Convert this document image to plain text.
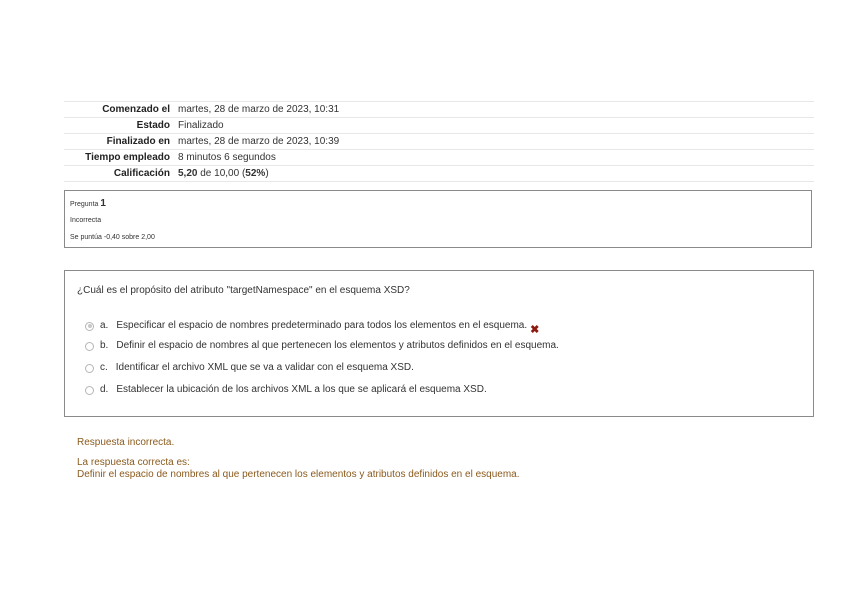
Comenzado el	martes, 28 de marzo de 2023, 10:31
Estado	Finalizado
Finalizado en	martes, 28 de marzo de 2023, 10:39
Tiempo empleado	8 minutos 6 segundos
Calificación	5,20 de 10,00 (52%)
Pregunta 1
Incorrecta
Se puntúa -0,40 sobre 2,00
¿Cuál es el propósito del atributo "targetNamespace" en el esquema XSD?
a. Especificar el espacio de nombres predeterminado para todos los elementos en el esquema. ✖
b. Definir el espacio de nombres al que pertenecen los elementos y atributos definidos en el esquema.
c. Identificar el archivo XML que se va a validar con el esquema XSD.
d. Establecer la ubicación de los archivos XML a los que se aplicará el esquema XSD.
Respuesta incorrecta.
La respuesta correcta es:
Definir el espacio de nombres al que pertenecen los elementos y atributos definidos en el esquema.
